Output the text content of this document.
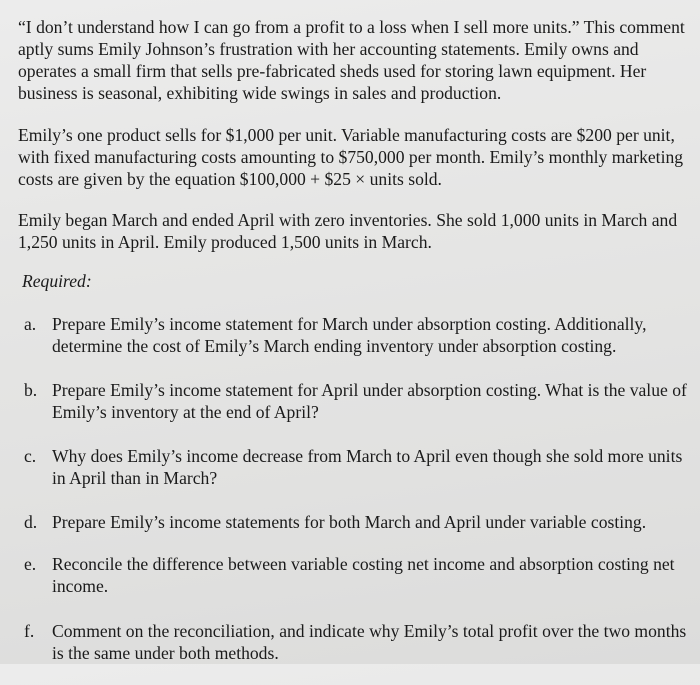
“I don’t understand how I can go from a profit to a loss when I sell more units.” This comment aptly sums Emily Johnson’s frustration with her accounting statements. Emily owns and operates a small firm that sells pre-fabricated sheds used for storing lawn equipment. Her business is seasonal, exhibiting wide swings in sales and production.

Emily’s one product sells for $1,000 per unit. Variable manufacturing costs are $200 per unit, with fixed manufacturing costs amounting to $750,000 per month. Emily’s monthly marketing costs are given by the equation $100,000 + $25 × units sold.

Emily began March and ended April with zero inventories. She sold 1,000 units in March and 1,250 units in April. Emily produced 1,500 units in March.

Required:
a. Prepare Emily’s income statement for March under absorption costing. Additionally, determine the cost of Emily’s March ending inventory under absorption costing.
b. Prepare Emily’s income statement for April under absorption costing. What is the value of Emily’s inventory at the end of April?
c. Why does Emily’s income decrease from March to April even though she sold more units in April than in March?
d. Prepare Emily’s income statements for both March and April under variable costing.
e. Reconcile the difference between variable costing net income and absorption costing net income.
f.	Comment on the reconciliation, and indicate why Emily’s total profit over the two months is the same under both methods.
